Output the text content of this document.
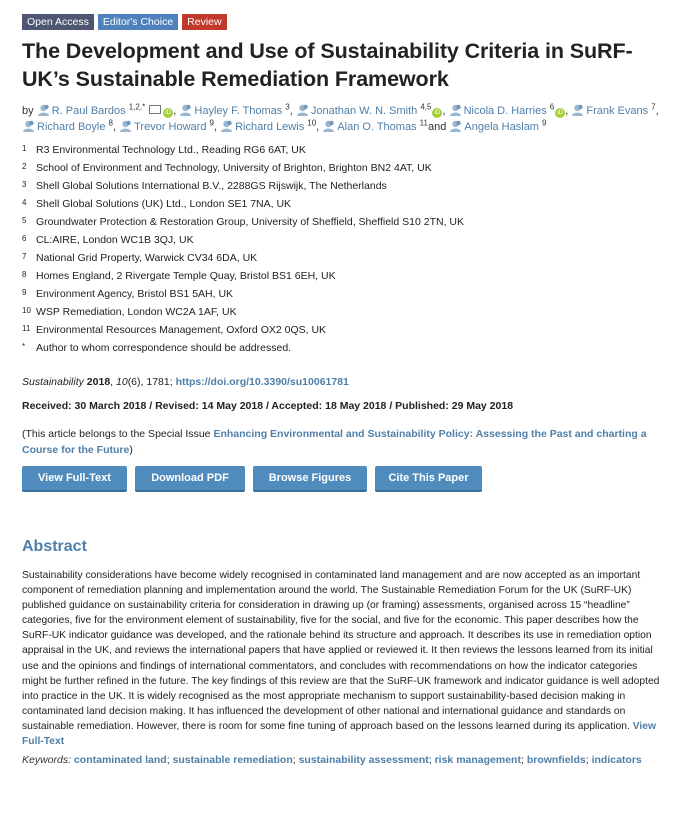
Open Access	Editor's Choice	Review
The Development and Use of Sustainability Criteria in SuRF-UK’s Sustainable Remediation Framework
by R. Paul Bardos $^{1,2,*}$ iD , Hayley F. Thomas $^3$, Jonathan W. N. Smith $^{4,5}$iD , Nicola D. Harries $^6$iD , Frank Evans $^7$, Richard Boyle $^8$, Trevor Howard $^9$, Richard Lewis $^{10}$, Alan O. Thomas $^{11}$and Angela Haslam $^9$
1 R3 Environmental Technology Ltd., Reading RG6 6AT, UK
2 School of Environment and Technology, University of Brighton, Brighton BN2 4AT, UK
3 Shell Global Solutions International B.V., 2288GS Rijswijk, The Netherlands
4 Shell Global Solutions (UK) Ltd., London SE1 7NA, UK
5 Groundwater Protection & Restoration Group, University of Sheffield, Sheffield S10 2TN, UK
6 CL:AIRE, London WC1B 3QJ, UK
7 National Grid Property, Warwick CV34 6DA, UK
8 Homes England, 2 Rivergate Temple Quay, Bristol BS1 6EH, UK
9 Environment Agency, Bristol BS1 5AH, UK
10 WSP Remediation, London WC2A 1AF, UK
11 Environmental Resources Management, Oxford OX2 0QS, UK
*	Author to whom correspondence should be addressed.
Sustainability 2018, 10(6), 1781; https://doi.org/10.3390/su10061781
Received: 30 March 2018 / Revised: 14 May 2018 / Accepted: 18 May 2018 / Published: 29 May 2018
(This article belongs to the Special Issue Enhancing Environmental and Sustainability Policy: Assessing the Past and charting a Course for the Future)
View Full-Text	Download PDF	Browse Figures	Cite This Paper
Abstract
Sustainability considerations have become widely recognised in contaminated land management and are now accepted as an important component of remediation planning and implementation around the world. The Sustainable Remediation Forum for the UK (SuRF-UK) published guidance on sustainability criteria for consideration in drawing up (or framing) assessments, organised across 15 “headline” categories, five for the environment element of sustainability, five for the social, and five for the economic. This paper describes how the SuRF-UK indicator guidance was developed, and the rationale behind its structure and approach. It describes its use in remediation option appraisal in the UK, and reviews the international papers that have applied or reviewed it. It then reviews the lessons learned from its initial use and the opinions and findings of international commentators, and concludes with recommendations on how the indicator categories might be further refined in the future. The key findings of this review are that the SuRF-UK framework and indicator guidance is well adopted into practice in the UK. It is widely recognised as the most appropriate mechanism to support sustainability-based decision making in contaminated land decision making. It has influenced the development of other national and international guidance and standards on sustainable remediation. However, there is room for some fine tuning of approach based on the lessons learned during its application. View Full-Text
Keywords: contaminated land; sustainable remediation; sustainability assessment; risk management; brownfields; indicators
